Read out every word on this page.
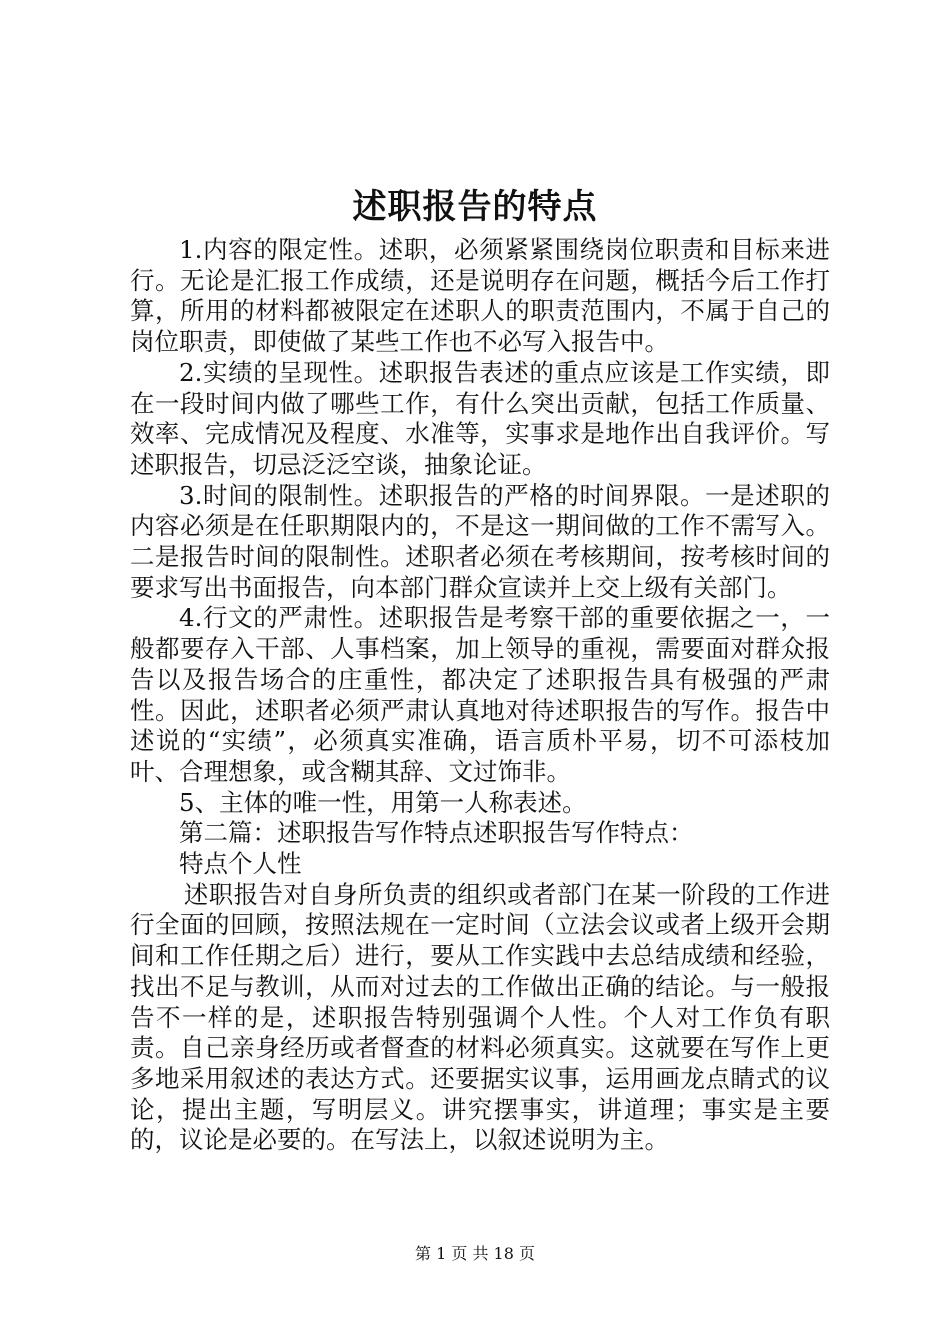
述职报告的特点

1.内容的限定性。述职，必须紧紧围绕岗位职责和目标来进行。无论是汇报工作成绩，还是说明存在问题，概括今后工作打算，所用的材料都被限定在述职人的职责范围内，不属于自己的岗位职责，即使做了某些工作也不必写入报告中。

2.实绩的呈现性。述职报告表述的重点应该是工作实绩，即在一段时间内做了哪些工作，有什么突出贡献，包括工作质量、效率、完成情况及程度、水准等，实事求是地作出自我评价。写述职报告，切忌泛泛空谈，抽象论证。

3.时间的限制性。述职报告的严格的时间界限。一是述职的内容必须是在任职期限内的，不是这一期间做的工作不需写入。二是报告时间的限制性。述职者必须在考核期间，按考核时间的要求写出书面报告，向本部门群众宣读并上交上级有关部门。

4.行文的严肃性。述职报告是考察干部的重要依据之一，一般都要存入干部、人事档案，加上领导的重视，需要面对群众报告以及报告场合的庄重性，都决定了述职报告具有极强的严肃性。因此，述职者必须严肃认真地对待述职报告的写作。报告中述说的“实绩”，必须真实准确，语言质朴平易，切不可添枝加叶、合理想象，或含糊其辞、文过饰非。

5、主体的唯一性，用第一人称表述。

第二篇：述职报告写作特点述职报告写作特点：

特点个人性

述职报告对自身所负责的组织或者部门在某一阶段的工作进行全面的回顾，按照法规在一定时间（立法会议或者上级开会期间和工作任期之后）进行，要从工作实践中去总结成绩和经验，找出不足与教训，从而对过去的工作做出正确的结论。与一般报告不一样的是，述职报告特别强调个人性。个人对工作负有职责。自己亲身经历或者督查的材料必须真实。这就要在写作上更多地采用叙述的表达方式。还要据实议事，运用画龙点睛式的议论，提出主题，写明层义。讲究摆事实，讲道理；事实是主要的，议论是必要的。在写法上，以叙述说明为主。

第 1 页 共 18 页
